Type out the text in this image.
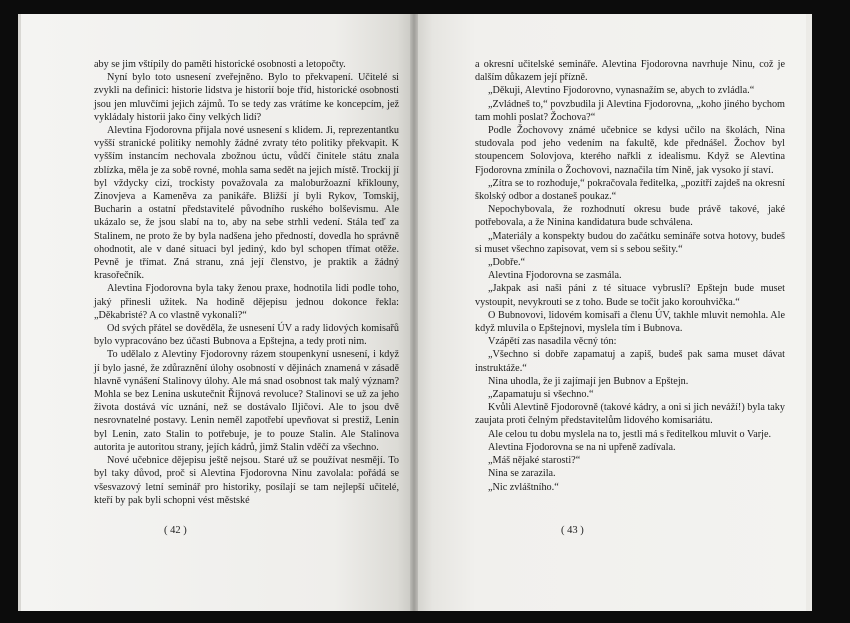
aby se jim vštípily do paměti historické osobnosti a letopočty.

Nyní bylo toto usnesení zveřejněno. Bylo to překvapení. Učitelé si zvykli na definici: historie lidstva je historií boje tříd, historické osobnosti jsou jen mluvčími jejich zájmů. To se tedy zas vrátíme ke koncepcím, jež vykládaly historii jako činy velkých lidí?

Alevtina Fjodorovna přijala nové usnesení s klidem. Ji, reprezentantku vyšší stranické politiky nemohly žádné zvraty této politiky překvapit. K vyšším instancím nechovala zbožnou úctu, vůdčí činitele státu znala zblízka, měla je za sobě rovné, mohla sama sedět na jejich místě. Trockij jí byl vždycky cizí, trockisty považovala za maloburžoazní křiklouny, Zinovjeva a Kameněva za panikáře. Bližší jí byli Rykov, Tomskij, Bucharin a ostatní představitelé původního ruského bolševismu. Ale ukázalo se, že jsou slabí na to, aby na sebe strhli vedení. Stála teď za Stalinem, ne proto že by byla nadšena jeho předností, dovedla ho správně ohodnotit, ale v dané situaci byl jediný, kdo byl schopen třímat otěže. Pevně je třímat. Zná stranu, zná její členstvo, je praktik a žádný krasořečník.

Alevtina Fjodorovna byla taky ženou praxe, hodnotila lidi podle toho, jaký přinesli užitek. Na hodině dějepisu jednou dokonce řekla: „Děkabristé? A co vlastně vykonali?“

Od svých přátel se dověděla, že usnesení ÚV a rady lidových komisařů bylo vypracováno bez účasti Bubnova a Epštejna, a tedy proti nim.

To udělalo z Alevtiny Fjodorovny rázem stoupenkyní usnesení, i když jí bylo jasné, že zdůraznění úlohy osobností v dějinách znamená v zásadě hlavně vynášení Stalinovy úlohy. Ale má snad osobnost tak malý význam? Mohla se bez Lenina uskutečnit Říjnová revoluce? Stalinovi se už za jeho života dostává víc uznání, než se dostávalo Iljičovi. Ale to jsou dvě nesrovnatelné postavy. Lenin neměl zapotřebí upevňovat si prestiž, Lenin byl Lenin, zato Stalin to potřebuje, je to pouze Stalin. Ale Stalinova autorita je autoritou strany, jejích kádrů, jimž Stalin vděčí za všechno.

Nové učebnice dějepisu ještě nejsou. Staré už se používat nesmějí. To byl taky důvod, proč si Alevtina Fjodorovna Ninu zavolala: pořádá se všesvazový letní seminář pro historiky, posílají se tam nejlepší učitelé, kteří by pak byli schopni vést městské

( 42 )

a okresní učitelské semináře. Alevtina Fjodorovna navrhuje Ninu, což je dalším důkazem její přízně.

„Děkuji, Alevtino Fjodorovno, vynasnažím se, abych to zvládla.“

„Zvládneš to,“ povzbudila ji Alevtina Fjodorovna, „koho jiného bychom tam mohli poslat? Žochova?“

Podle Žochovovy známé učebnice se kdysi učilo na školách, Nina studovala pod jeho vedením na fakultě, kde přednášel. Žochov byl stoupencem Solovjova, kterého nařkli z idealismu. Když se Alevtina Fjodorovna zmínila o Žochovovi, naznačila tím Nině, jak vysoko jí staví.

„Zítra se to rozhoduje,“ pokračovala ředitelka, „pozítří zajdeš na okresní školský odbor a dostaneš poukaz.“

Nepochybovala, že rozhodnutí okresu bude právě takové, jaké potřebovala, a že Ninina kandidatura bude schválena.

„Materiály a konspekty budou do začátku semináře sotva hotovy, budeš si muset všechno zapisovat, vem si s sebou sešity.“

„Dobře.“

Alevtina Fjodorovna se zasmála.

„Jakpak asi naši páni z té situace vybruslí? Epštejn bude muset vystoupit, nevykrouti se z toho. Bude se točit jako korouhvička.“

O Bubnovovi, lidovém komisaři a členu ÚV, takhle mluvit nemohla. Ale když mluvila o Epštejnovi, myslela tím i Bubnova.

Vzápětí zas nasadila věcný tón:

„Všechno si dobře zapamatuj a zapiš, budeš pak sama muset dávat instruktáže.“

Nina uhodla, že ji zajímají jen Bubnov a Epštejn.

„Zapamatuju si všechno.“

Kvůli Alevtině Fjodorovně (takové kádry, a oni si jich neváží!) byla taky zaujata proti čelným představitelům lidového komisariátu.

Ale celou tu dobu myslela na to, jestli má s ředitelkou mluvit o Varje.

Alevtina Fjodorovna se na ni upřeně zadívala.

„Máš nějaké starosti?“

Nina se zarazila.

„Nic zvláštního.“

( 43 )
